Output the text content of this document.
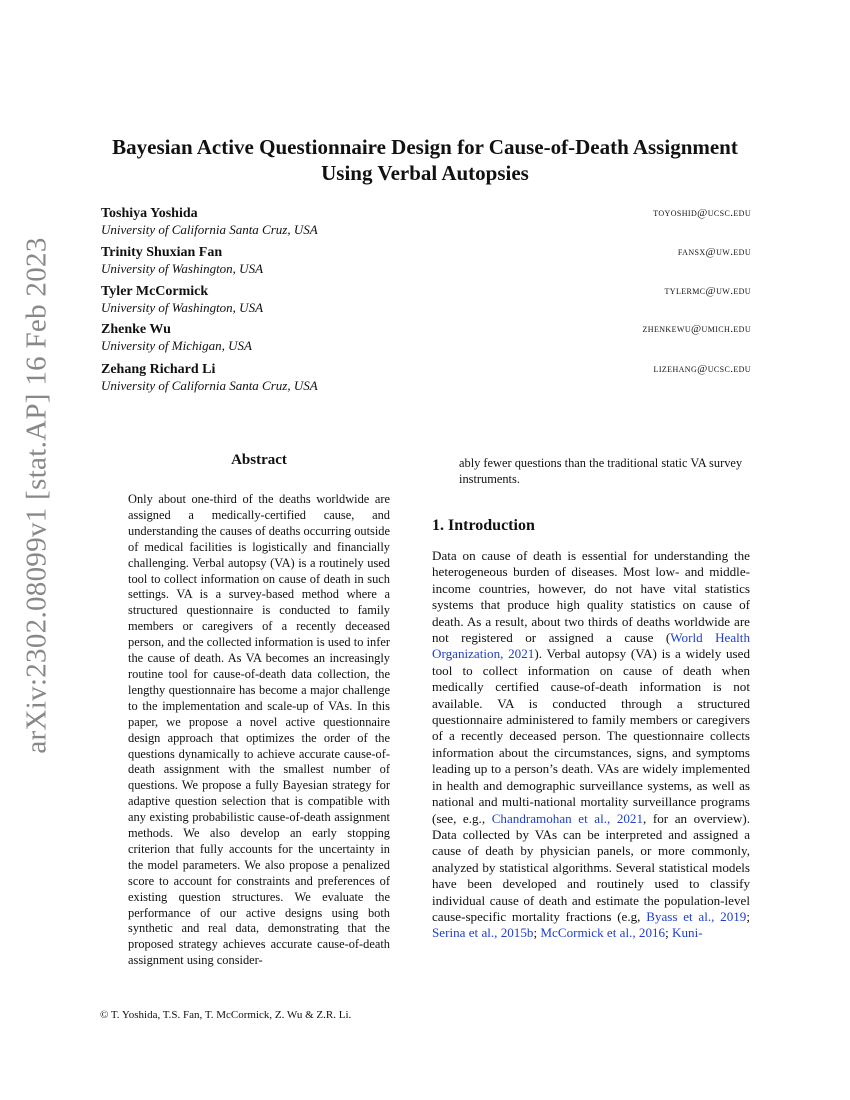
arXiv:2302.08099v1 [stat.AP] 16 Feb 2023
Bayesian Active Questionnaire Design for Cause-of-Death Assignment Using Verbal Autopsies
Toshiya Yoshida
University of California Santa Cruz, USA
toyoshid@ucsc.edu
Trinity Shuxian Fan
University of Washington, USA
fansx@uw.edu
Tyler McCormick
University of Washington, USA
tylermc@uw.edu
Zhenke Wu
University of Michigan, USA
zhenkewu@umich.edu
Zehang Richard Li
University of California Santa Cruz, USA
lizehang@ucsc.edu
Abstract
Only about one-third of the deaths worldwide are assigned a medically-certified cause, and understanding the causes of deaths occurring outside of medical facilities is logistically and financially challenging. Verbal autopsy (VA) is a routinely used tool to collect information on cause of death in such settings. VA is a survey-based method where a structured questionnaire is conducted to family members or caregivers of a recently deceased person, and the collected information is used to infer the cause of death. As VA becomes an increasingly routine tool for cause-of-death data collection, the lengthy questionnaire has become a major challenge to the implementation and scale-up of VAs. In this paper, we propose a novel active questionnaire design approach that optimizes the order of the questions dynamically to achieve accurate cause-of-death assignment with the smallest number of questions. We propose a fully Bayesian strategy for adaptive question selection that is compatible with any existing probabilistic cause-of-death assignment methods. We also develop an early stopping criterion that fully accounts for the uncertainty in the model parameters. We also propose a penalized score to account for constraints and preferences of existing question structures. We evaluate the performance of our active designs using both synthetic and real data, demonstrating that the proposed strategy achieves accurate cause-of-death assignment using consider-
ably fewer questions than the traditional static VA survey instruments.
1. Introduction
Data on cause of death is essential for understanding the heterogeneous burden of diseases. Most low- and middle-income countries, however, do not have vital statistics systems that produce high quality statistics on cause of death. As a result, about two thirds of deaths worldwide are not registered or assigned a cause (World Health Organization, 2021). Verbal autopsy (VA) is a widely used tool to collect information on cause of death when medically certified cause-of-death information is not available. VA is conducted through a structured questionnaire administered to family members or caregivers of a recently deceased person. The questionnaire collects information about the circumstances, signs, and symptoms leading up to a person’s death. VAs are widely implemented in health and demographic surveillance systems, as well as national and multi-national mortality surveillance programs (see, e.g., Chandramohan et al., 2021, for an overview). Data collected by VAs can be interpreted and assigned a cause of death by physician panels, or more commonly, analyzed by statistical algorithms. Several statistical models have been developed and routinely used to classify individual cause of death and estimate the population-level cause-specific mortality fractions (e.g, Byass et al., 2019; Serina et al., 2015b; McCormick et al., 2016; Kuni-
© T. Yoshida, T.S. Fan, T. McCormick, Z. Wu & Z.R. Li.
